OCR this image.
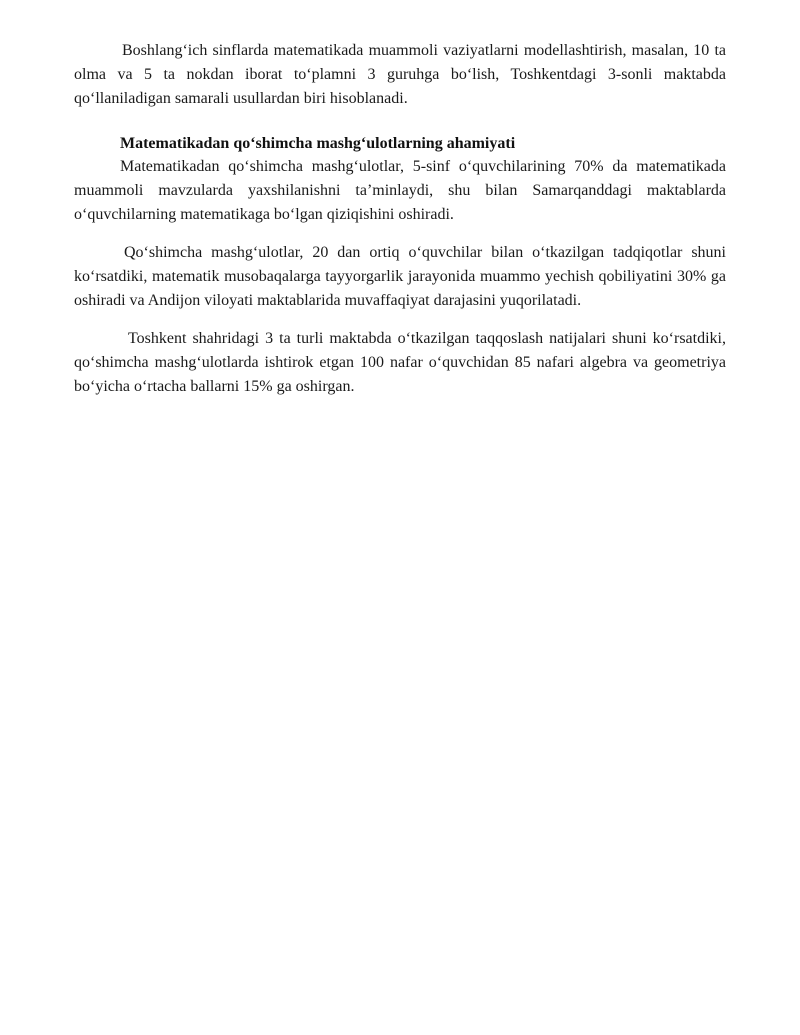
Boshlang‘ich sinflarda matematikada muammoli vaziyatlarni modellashtirish, masalan, 10 ta olma va 5 ta nokdan iborat to‘plamni 3 guruhga bo‘lish, Toshkentdagi 3-sonli maktabda qo‘llaniladigan samarali usullardan biri hisoblanadi.

Matematikadan qo‘shimcha mashg‘ulotlarning ahamiyati

Matematikadan qo‘shimcha mashg‘ulotlar, 5-sinf o‘quvchilarining 70% da matematikada muammoli mavzularda yaxshilanishni ta’minlaydi, shu bilan Samarqanddagi maktablarda o‘quvchilarning matematikaga bo‘lgan qiziqishini oshiradi.

Qo‘shimcha mashg‘ulotlar, 20 dan ortiq o‘quvchilar bilan o‘tkazilgan tadqiqotlar shuni ko‘rsatdiki, matematik musobaqalarga tayyorgarlik jarayonida muammo yechish qobiliyatini 30% ga oshiradi va Andijon viloyati maktablarida muvaffaqiyat darajasini yuqorilatadi.

Toshkent shahridagi 3 ta turli maktabda o‘tkazilgan taqqoslash natijalari shuni ko‘rsatdiki, qo‘shimcha mashg‘ulotlarda ishtirok etgan 100 nafar o‘quvchidan 85 nafari algebra va geometriya bo‘yicha o‘rtacha ballarni 15% ga oshirgan.
